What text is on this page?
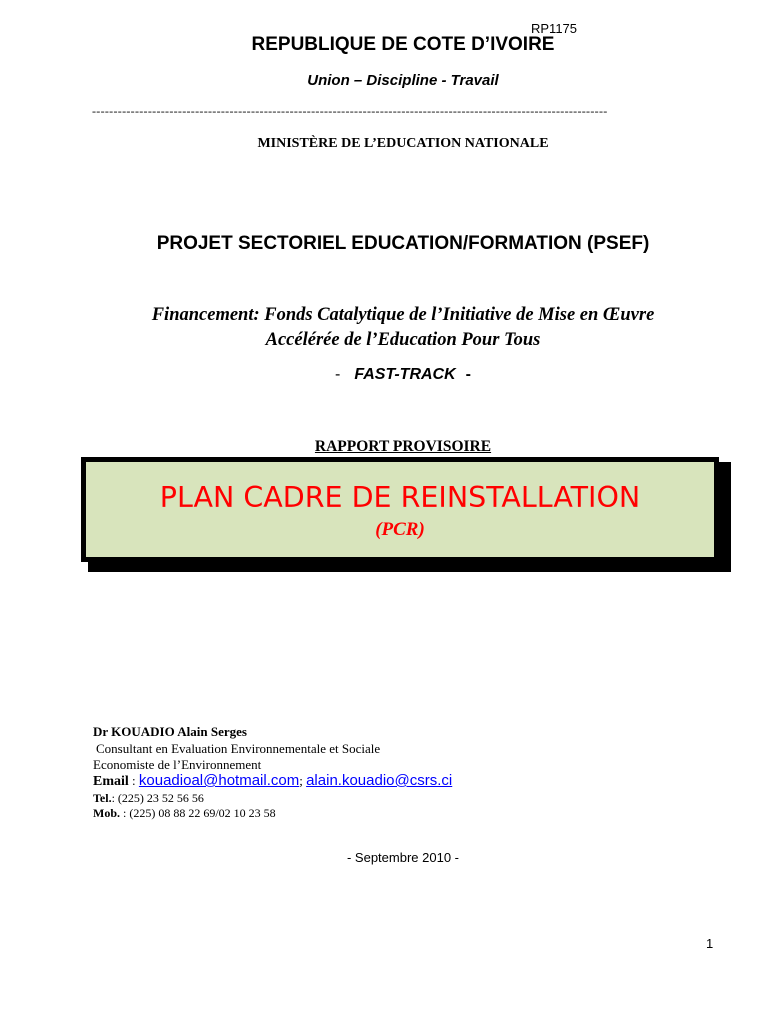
RP1175
REPUBLIQUE DE COTE D’IVOIRE
Union – Discipline - Travail
------------------------------------------------------------------------------------------------------------------------
MINISTÈRE DE L’EDUCATION NATIONALE
PROJET SECTORIEL EDUCATION/FORMATION (PSEF)
Financement: Fonds Catalytique de l’Initiative de Mise en Œuvre
Accélérée de l’Education Pour Tous
- FAST-TRACK -
RAPPORT PROVISOIRE
PLAN CADRE DE REINSTALLATION
(PCR)
Dr KOUADIO Alain Serges
Consultant en Evaluation Environnementale et Sociale
Economiste de l’Environnement
Email : kouadioal@hotmail.com; alain.kouadio@csrs.ci
Tel.: (225) 23 52 56 56
Mob. : (225) 08 88 22 69/02 10 23 58
- Septembre 2010 -
1
